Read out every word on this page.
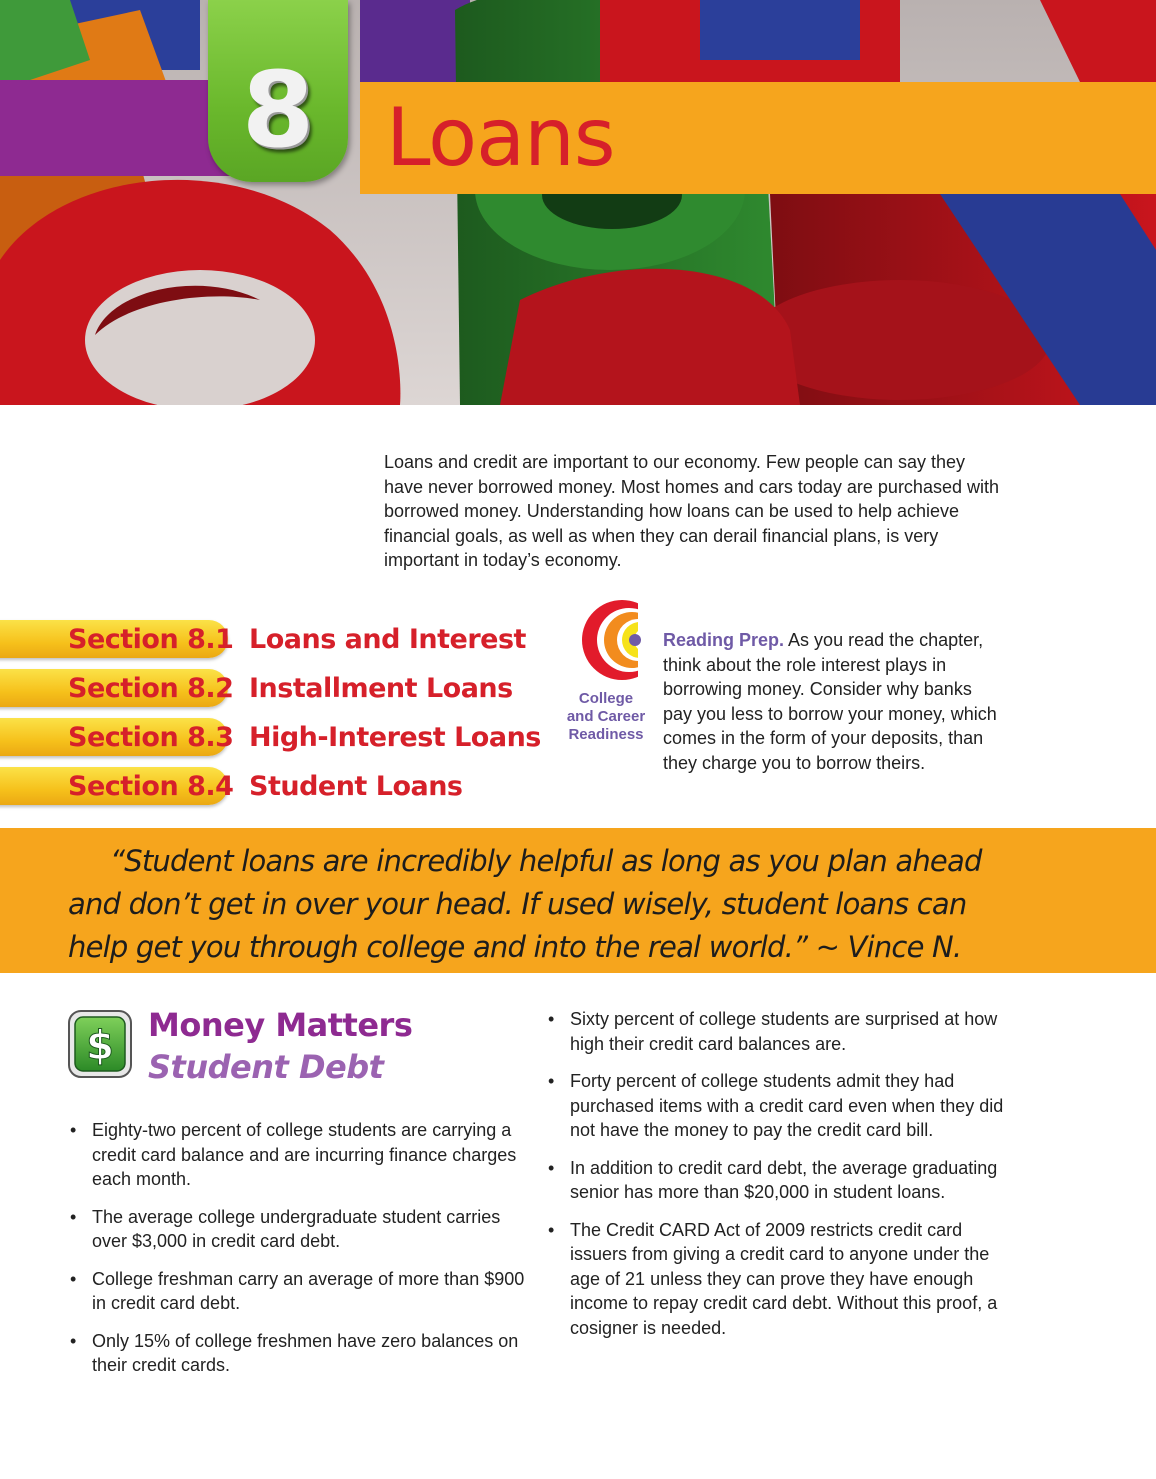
8 Loans
Loans and credit are important to our economy. Few people can say they have never borrowed money. Most homes and cars today are purchased with borrowed money. Understanding how loans can be used to help achieve financial goals, as well as when they can derail financial plans, is very important in today’s economy.
Section 8.1 Loans and Interest
Section 8.2 Installment Loans
Section 8.3 High-Interest Loans
Section 8.4 Student Loans
College
and Career
Readiness
Reading Prep. As you read the chapter, think about the role interest plays in borrowing money. Consider why banks pay you less to borrow your money, which comes in the form of your deposits, than they charge you to borrow theirs.
“Student loans are incredibly helpful as long as you plan ahead and don’t get in over your head. If used wisely, student loans can help get you through college and into the real world.” ~ Vince N.
$ Money Matters
Student Debt
• Eighty-two percent of college students are carrying a credit card balance and are incurring finance charges each month.
• The average college undergraduate student carries over $3,000 in credit card debt.
• College freshman carry an average of more than $900 in credit card debt.
• Only 15% of college freshmen have zero balances on their credit cards.
• Sixty percent of college students are surprised at how high their credit card balances are.
• Forty percent of college students admit they had purchased items with a credit card even when they did not have the money to pay the credit card bill.
• In addition to credit card debt, the average graduating senior has more than $20,000 in student loans.
• The Credit CARD Act of 2009 restricts credit card issuers from giving a credit card to anyone under the age of 21 unless they can prove they have enough income to repay credit card debt. Without this proof, a cosigner is needed.
